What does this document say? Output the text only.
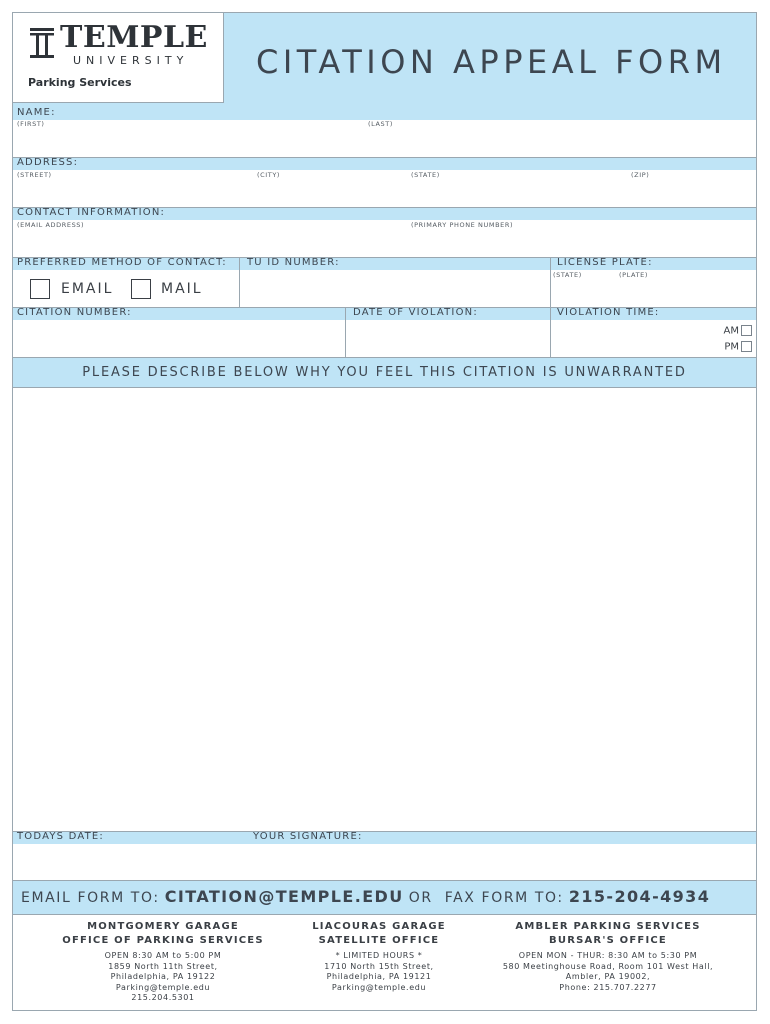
TEMPLE
UNIVERSITY
Parking Services
CITATION APPEAL FORM
NAME:
(FIRST)	(LAST)
ADDRESS:
(STREET)	(CITY)	(STATE)	(ZIP)
CONTACT INFORMATION:
(EMAIL ADDRESS)	(PRIMARY PHONE NUMBER)
PREFERRED METHOD OF CONTACT: TU ID NUMBER:	LICENSE PLATE:
(STATE)	(PLATE)
EMAIL	MAIL
CITATION NUMBER:	DATE OF VIOLATION:	VIOLATION TIME:
AM
PM
PLEASE DESCRIBE BELOW WHY YOU FEEL THIS CITATION IS UNWARRANTED
TODAYS DATE:	YOUR SIGNATURE:
EMAIL FORM TO: CITATION@TEMPLE.EDU OR  FAX FORM TO: 215-204-4934
MONTGOMERY GARAGE
OFFICE OF PARKING SERVICES
OPEN 8:30 AM to 5:00 PM
1859 North 11th Street,
Philadelphia, PA 19122
Parking@temple.edu
215.204.5301
LIACOURAS GARAGE
SATELLITE OFFICE
* LIMITED HOURS *
1710 North 15th Street,
Philadelphia, PA 19121
Parking@temple.edu
AMBLER PARKING SERVICES
BURSAR'S OFFICE
OPEN MON - THUR: 8:30 AM to 5:30 PM
580 Meetinghouse Road, Room 101 West Hall,
Ambler, PA 19002,
Phone: 215.707.2277
